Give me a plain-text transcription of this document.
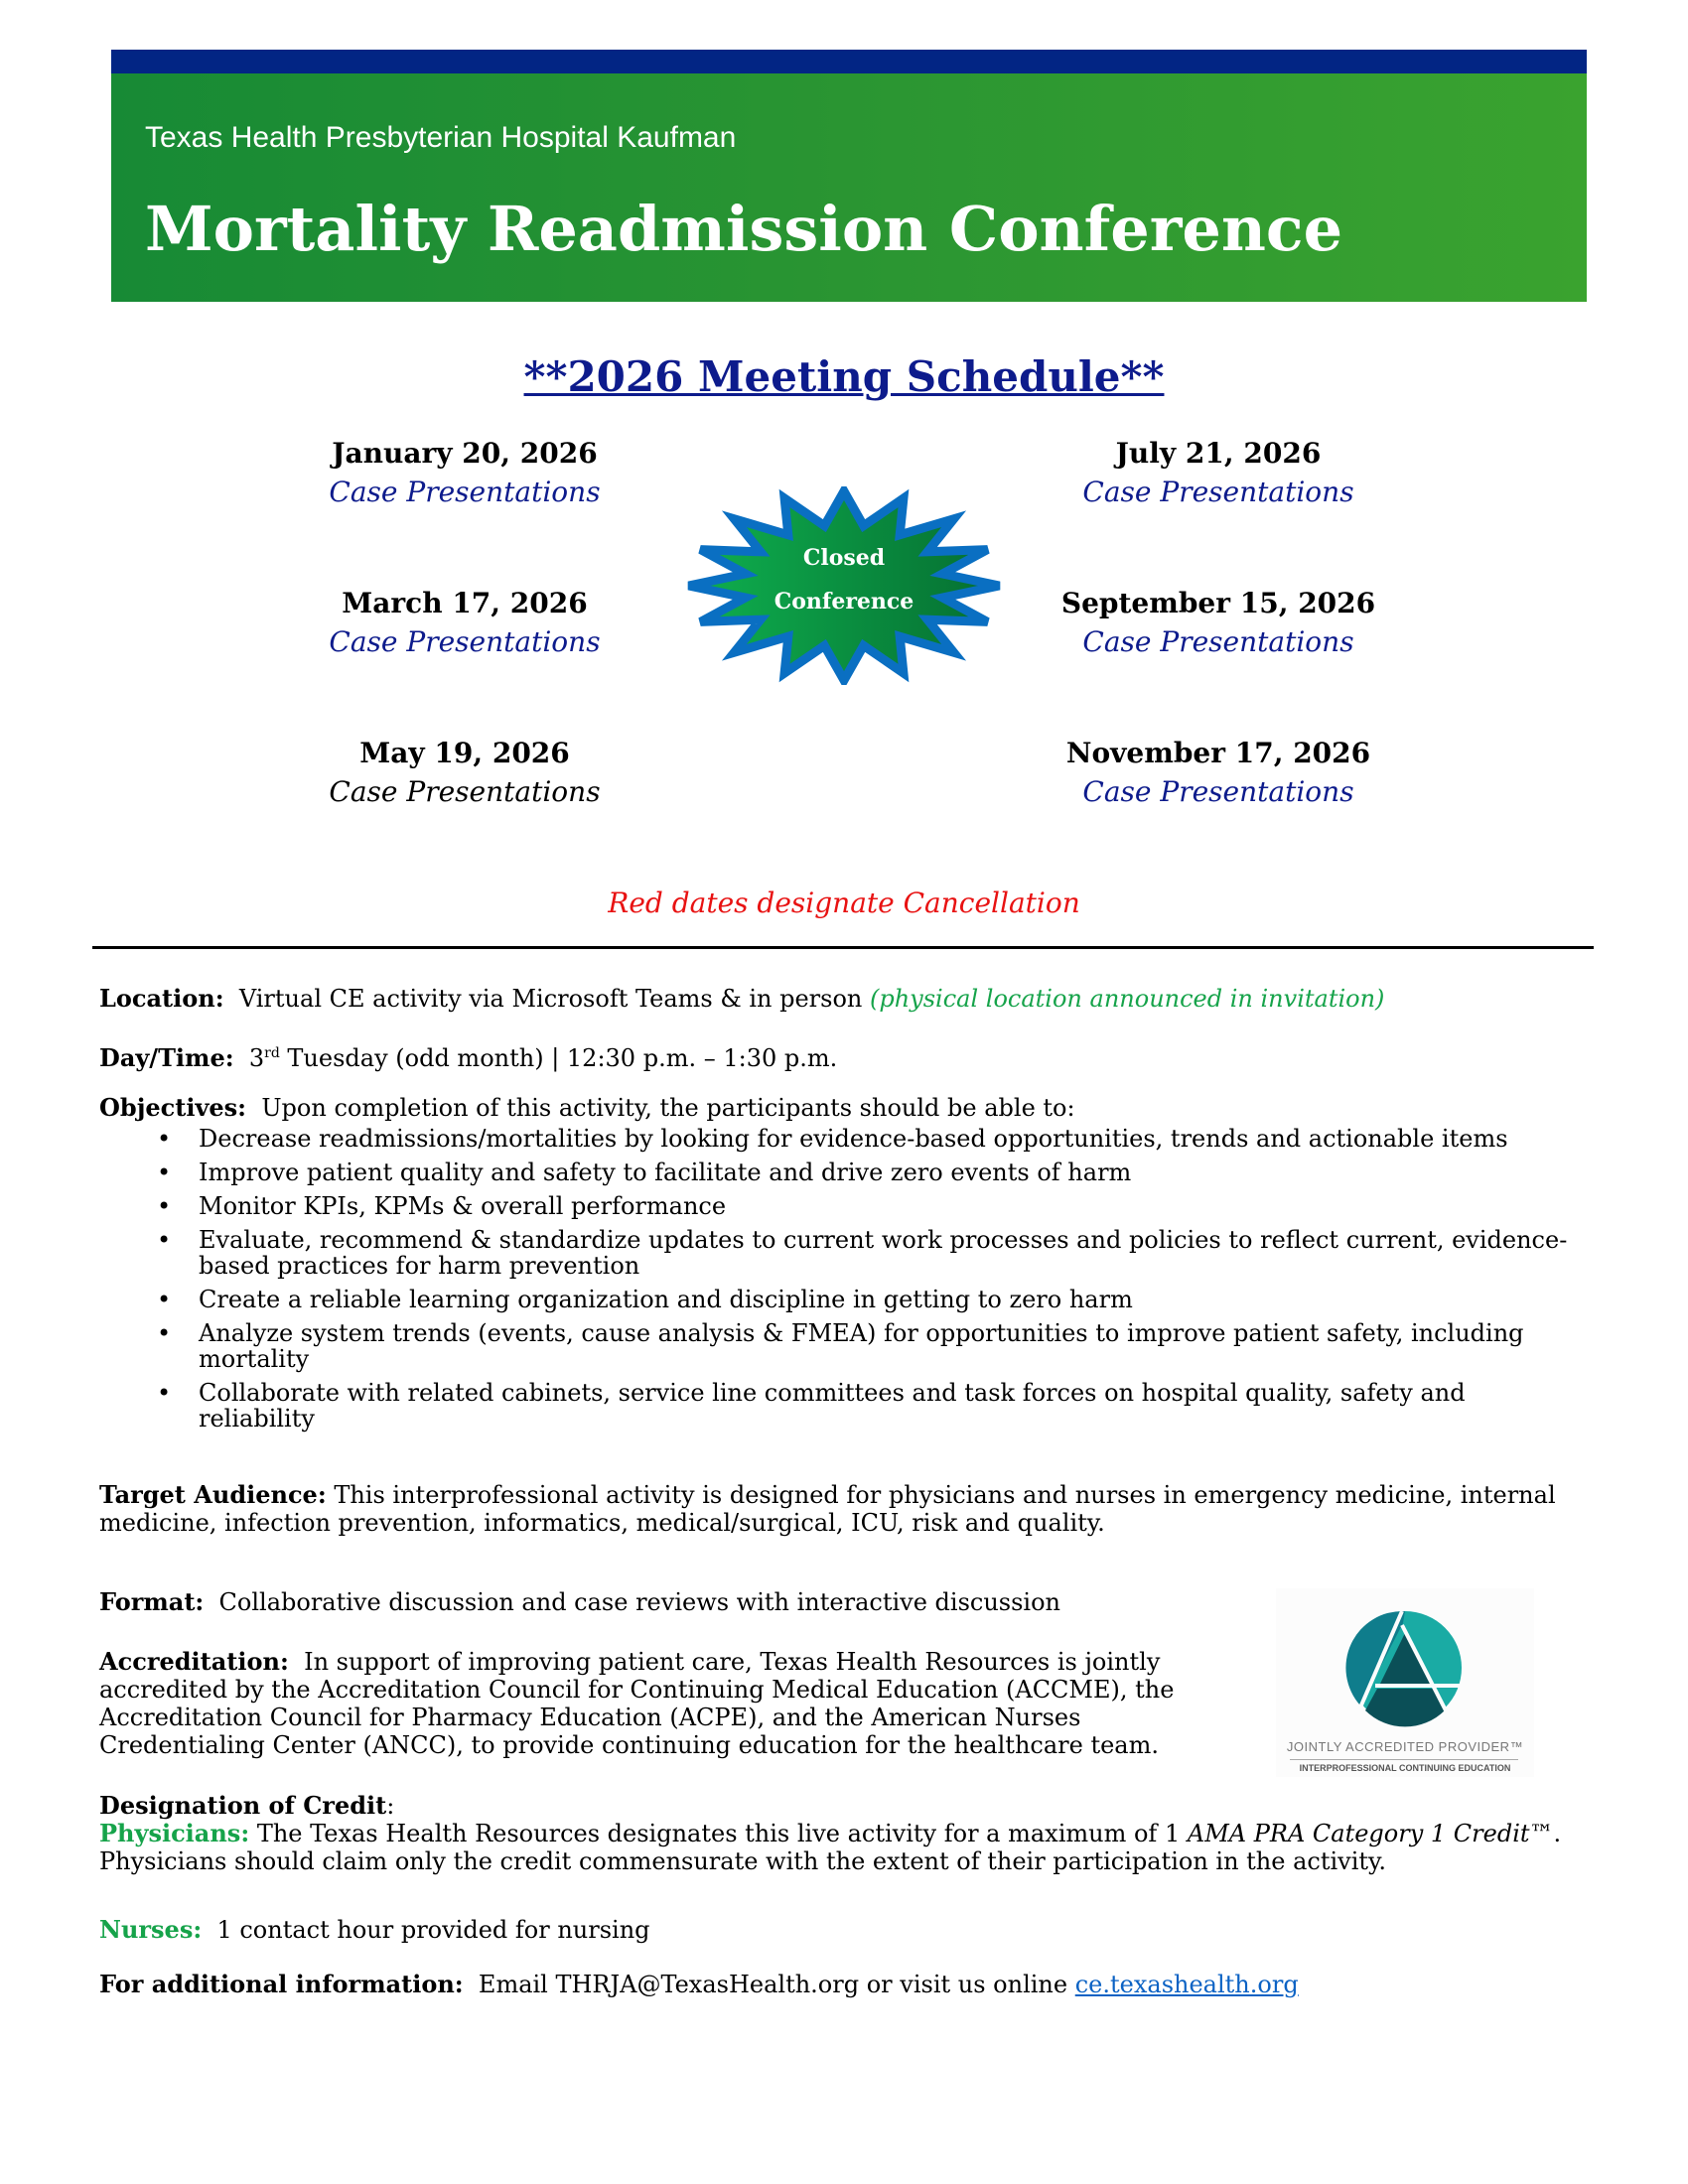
Texas Health Presbyterian Hospital Kaufman
Mortality Readmission Conference
**2026 Meeting Schedule**
January 20, 2026
Case Presentations
March 17, 2026
Case Presentations
May 19, 2026
Case Presentations
July 21, 2026
Case Presentations
September 15, 2026
Case Presentations
November 17, 2026
Case Presentations
Closed
Conference
Red dates designate Cancellation
Location: Virtual CE activity via Microsoft Teams & in person (physical location announced in invitation)
Day/Time: 3rd Tuesday (odd month) | 12:30 p.m. – 1:30 p.m.
Objectives: Upon completion of this activity, the participants should be able to:
• Decrease readmissions/mortalities by looking for evidence-based opportunities, trends and actionable items
• Improve patient quality and safety to facilitate and drive zero events of harm
• Monitor KPIs, KPMs & overall performance
• Evaluate, recommend & standardize updates to current work processes and policies to reflect current, evidence-based practices for harm prevention
• Create a reliable learning organization and discipline in getting to zero harm
• Analyze system trends (events, cause analysis & FMEA) for opportunities to improve patient safety, including mortality
• Collaborate with related cabinets, service line committees and task forces on hospital quality, safety and reliability
Target Audience: This interprofessional activity is designed for physicians and nurses in emergency medicine, internal medicine, infection prevention, informatics, medical/surgical, ICU, risk and quality.
Format: Collaborative discussion and case reviews with interactive discussion
Accreditation: In support of improving patient care, Texas Health Resources is jointly accredited by the Accreditation Council for Continuing Medical Education (ACCME), the Accreditation Council for Pharmacy Education (ACPE), and the American Nurses Credentialing Center (ANCC), to provide continuing education for the healthcare team.	JOINTLY ACCREDITED PROVIDER™
INTERPROFESSIONAL CONTINUING EDUCATION
Designation of Credit:
Physicians: The Texas Health Resources designates this live activity for a maximum of 1 AMA PRA Category 1 Credit™. Physicians should claim only the credit commensurate with the extent of their participation in the activity.
Nurses: 1 contact hour provided for nursing
For additional information: Email THRJA@TexasHealth.org or visit us online ce.texashealth.org
